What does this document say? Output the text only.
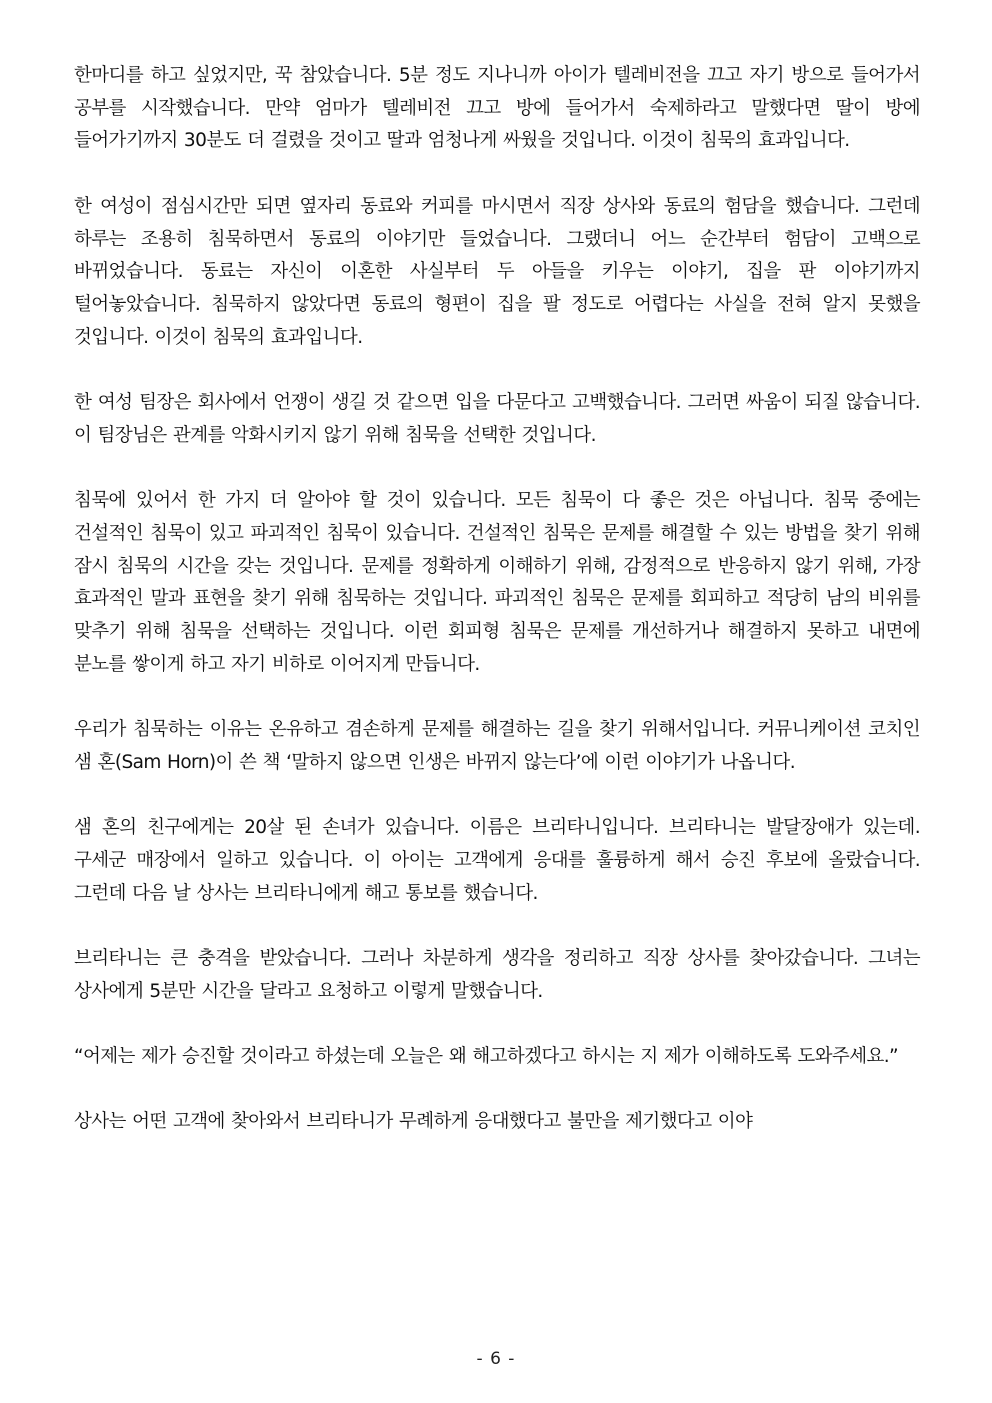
한마디를 하고 싶었지만, 꾹 참았습니다. 5분 정도 지나니까 아이가 텔레비전을 끄고 자기 방으로 들어가서 공부를 시작했습니다. 만약 엄마가 텔레비전 끄고 방에 들어가서 숙제하라고 말했다면 딸이 방에 들어가기까지 30분도 더 걸렸을 것이고 딸과 엄청나게 싸웠을 것입니다. 이것이 침묵의 효과입니다.

한 여성이 점심시간만 되면 옆자리 동료와 커피를 마시면서 직장 상사와 동료의 험담을 했습니다. 그런데 하루는 조용히 침묵하면서 동료의 이야기만 들었습니다. 그랬더니 어느 순간부터 험담이 고백으로 바뀌었습니다. 동료는 자신이 이혼한 사실부터 두 아들을 키우는 이야기, 집을 판 이야기까지 털어놓았습니다. 침묵하지 않았다면 동료의 형편이 집을 팔 정도로 어렵다는 사실을 전혀 알지 못했을 것입니다. 이것이 침묵의 효과입니다.

한 여성 팀장은 회사에서 언쟁이 생길 것 같으면 입을 다문다고 고백했습니다. 그러면 싸움이 되질 않습니다. 이 팀장님은 관계를 악화시키지 않기 위해 침묵을 선택한 것입니다.

침묵에 있어서 한 가지 더 알아야 할 것이 있습니다. 모든 침묵이 다 좋은 것은 아닙니다. 침묵 중에는 건설적인 침묵이 있고 파괴적인 침묵이 있습니다. 건설적인 침묵은 문제를 해결할 수 있는 방법을 찾기 위해 잠시 침묵의 시간을 갖는 것입니다. 문제를 정확하게 이해하기 위해, 감정적으로 반응하지 않기 위해, 가장 효과적인 말과 표현을 찾기 위해 침묵하는 것입니다. 파괴적인 침묵은 문제를 회피하고 적당히 남의 비위를 맞추기 위해 침묵을 선택하는 것입니다. 이런 회피형 침묵은 문제를 개선하거나 해결하지 못하고 내면에 분노를 쌓이게 하고 자기 비하로 이어지게 만듭니다.

우리가 침묵하는 이유는 온유하고 겸손하게 문제를 해결하는 길을 찾기 위해서입니다. 커뮤니케이션 코치인 샘 혼(Sam Horn)이 쓴 책 ‘말하지 않으면 인생은 바뀌지 않는다’에 이런 이야기가 나옵니다.

샘 혼의 친구에게는 20살 된 손녀가 있습니다. 이름은 브리타니입니다. 브리타니는 발달장애가 있는데. 구세군 매장에서 일하고 있습니다. 이 아이는 고객에게 응대를 훌륭하게 해서 승진 후보에 올랐습니다. 그런데 다음 날 상사는 브리타니에게 해고 통보를 했습니다.

브리타니는 큰 충격을 받았습니다. 그러나 차분하게 생각을 정리하고 직장 상사를 찾아갔습니다. 그녀는 상사에게 5분만 시간을 달라고 요청하고 이렇게 말했습니다.

“어제는 제가 승진할 것이라고 하셨는데 오늘은 왜 해고하겠다고 하시는 지 제가 이해하도록 도와주세요.”

상사는 어떤 고객에 찾아와서 브리타니가 무례하게 응대했다고 불만을 제기했다고 이야

- 6 -
